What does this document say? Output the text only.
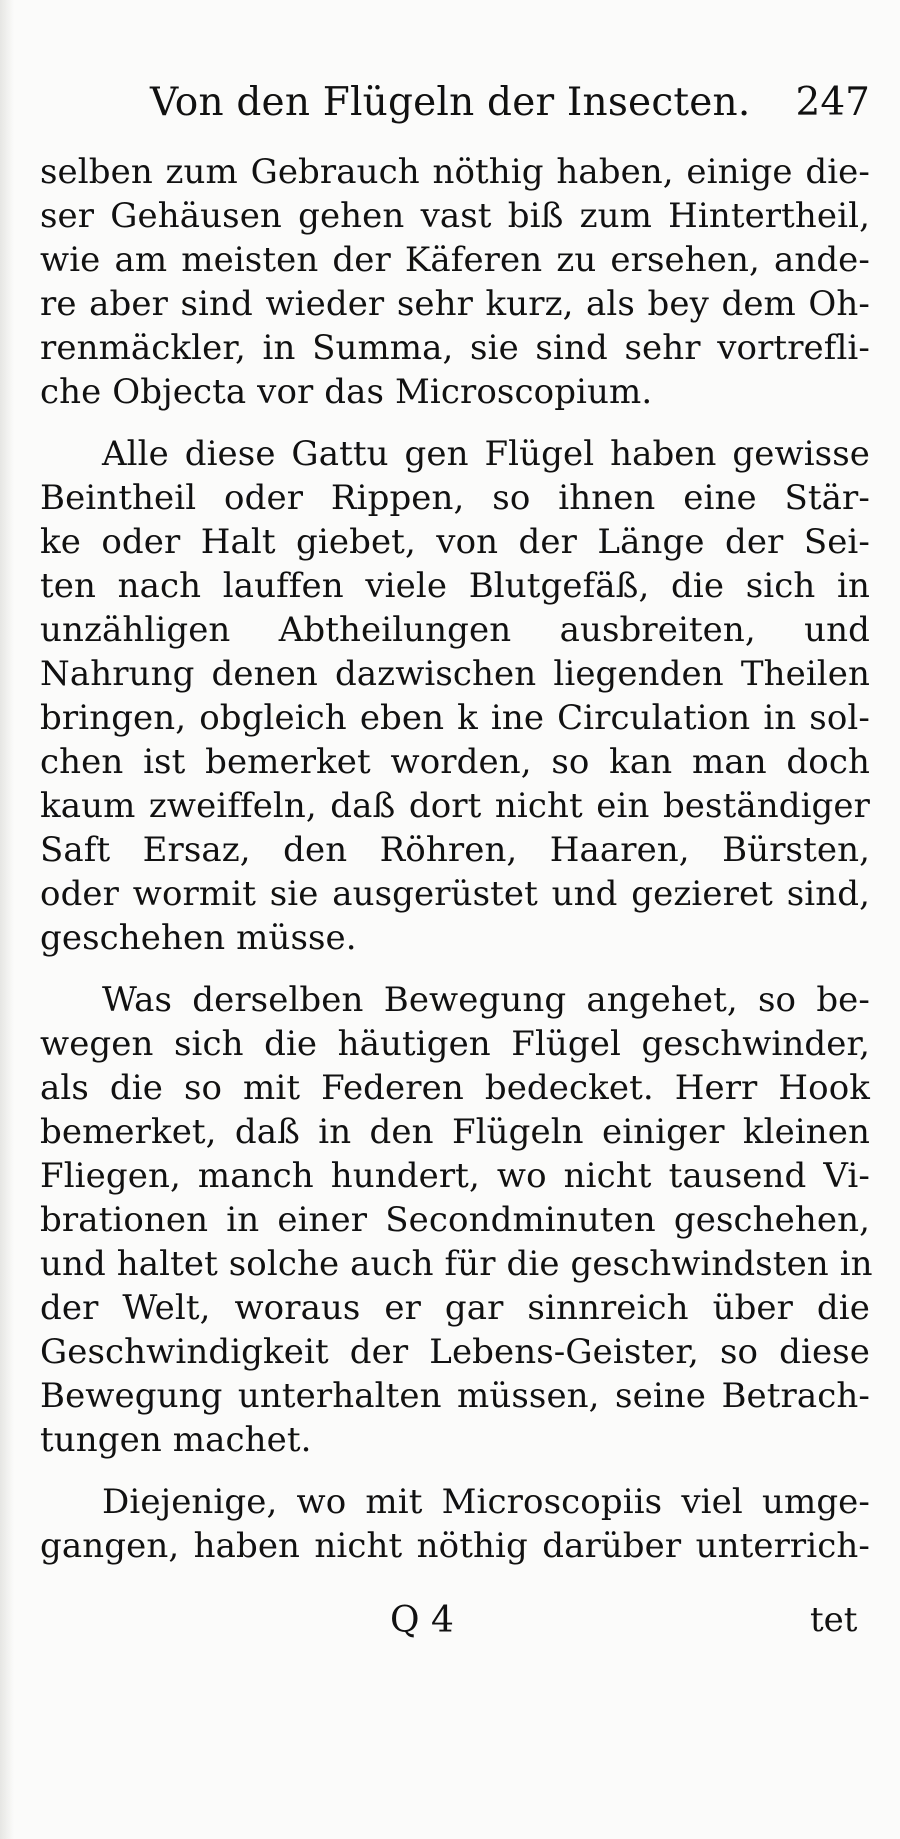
Von den Flügeln der Insecten. 247
selben zum Gebrauch nöthig haben, einige die-
ser Gehäusen gehen vast biß zum Hintertheil,
wie am meisten der Käferen zu ersehen, ande-
re aber sind wieder sehr kurz, als bey dem Oh-
renmäckler, in Summa, sie sind sehr vortrefli-
che Objecta vor das Microscopium.
Alle diese Gattu gen Flügel haben gewisse
Beintheil oder Rippen, so ihnen eine Stär-
ke oder Halt giebet, von der Länge der Sei-
ten nach lauffen viele Blutgefäß, die sich in
unzähligen Abtheilungen ausbreiten, und
Nahrung denen dazwischen liegenden Theilen
bringen, obgleich eben k ine Circulation in sol-
chen ist bemerket worden, so kan man doch
kaum zweiffeln, daß dort nicht ein beständiger
Saft Ersaz, den Röhren, Haaren, Bürsten,
oder wormit sie ausgerüstet und gezieret sind,
geschehen müsse.
Was derselben Bewegung angehet, so be-
wegen sich die häutigen Flügel geschwinder,
als die so mit Federen bedecket. Herr Hook
bemerket, daß in den Flügeln einiger kleinen
Fliegen, manch hundert, wo nicht tausend Vi-
brationen in einer Secondminuten geschehen,
und haltet solche auch für die geschwindsten in
der Welt, woraus er gar sinnreich über die
Geschwindigkeit der Lebens-Geister, so diese
Bewegung unterhalten müssen, seine Betrach-
tungen machet.
Diejenige, wo mit Microscopiis viel umge-
gangen, haben nicht nöthig darüber unterrich-
Q 4	tet
